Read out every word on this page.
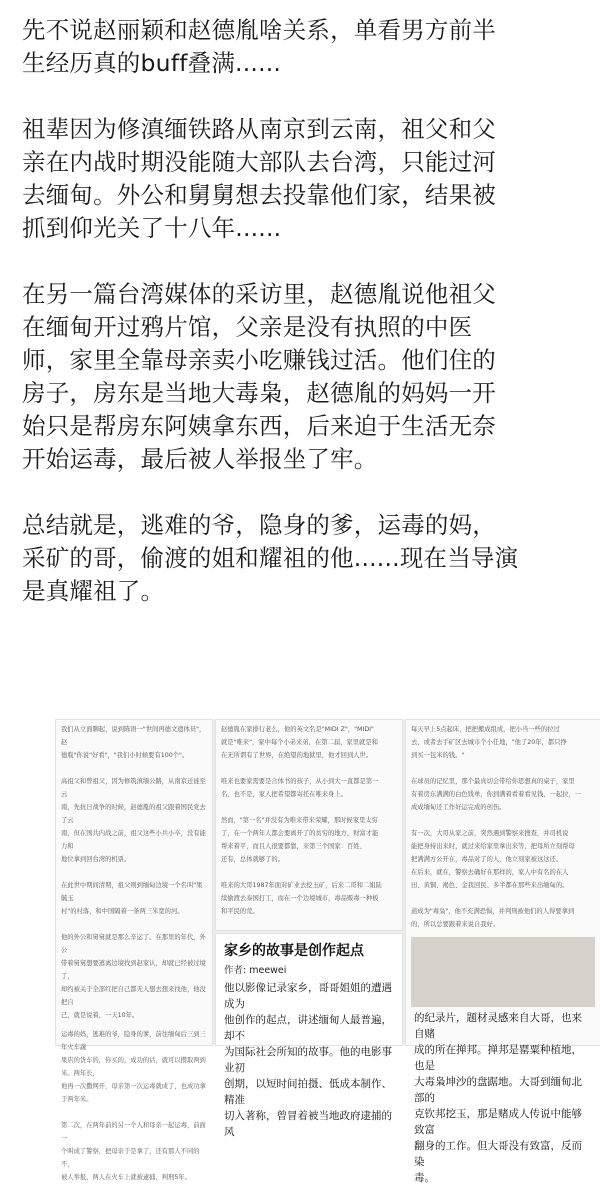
先不说赵丽颖和赵德胤啥关系，单看男方前半
生经历真的buff叠满......

祖辈因为修滇缅铁路从南京到云南，祖父和父
亲在内战时期没能随大部队去台湾，只能过河
去缅甸。外公和舅舅想去投靠他们家，结果被
抓到仰光关了十八年......

在另一篇台湾媒体的采访里，赵德胤说他祖父
在缅甸开过鸦片馆，父亲是没有执照的中医
师，家里全靠母亲卖小吃赚钱过活。他们住的
房子，房东是当地大毒枭，赵德胤的妈妈一开
始只是帮房东阿姨拿东西，后来迫于生活无奈
开始运毒，最后被人举报坐了牢。

总结就是，逃难的爷，隐身的爹，运毒的妈，
采矿的哥，偷渡的姐和耀祖的他......现在当导演
是真耀祖了。

我们从立面聊起，说到陈语一"世间再德文遗体员"，赵
德胤"你说"好看"，"我们小时候要有100个"。

高祖父和曾祖父，因为修筑滇缅公路，从南京迁徙至云
南，先抗日战争的时候，赵德胤的祖父跟着国民党去了云
南，但在国共内战之前，祖父这些小兵小卒，没有能力和
地位拿到回台湾的机票。

在此世中期间清期，祖父则到缅甸边境一个名叫"果毓玉
村"的村落，和中国隔着一条两三米宽的河。

他的外公和舅舅就是那么辛运了。在那里的年代，外公
带着舅舅想要逃离边境找到赵家认，却就已经被过境了，
却约被关于全部红把自己都无人想去想来找他，他没把自
己，就是说着，一天10年。
运毒的妈，逃难的爷，隐身的爹，前往缅甸后三到三年火车蔬
果店的货车的，你买的，成功的话，就可以攒取两到米。两年长，
他再一次撒网开，母亲第一次运毒就成了，也成功拿
于两年米。

第二次，在两年前的另一个人和母亲一起运毒，前面一
个叫成了警察，把母亲于是拿了，还有那人不同的不，
被人举报，两人在火车上就被逮捕，判刑5年。
赵德胤在家排行老么，他的英文名是"MIDI Z"，"MIDI"
就是"唯来"，家中每个小弟来弟，在第二届，家里就是和
在无所谓有了世界，在绝望的地狱里，他才回到人世。

唯来也要家需要是合体书的孩子，从小到大一直都是第一
名，也不是，家人把希望都寄托在唯来身上。

然而，"第一名"并没有为唯来带来荣耀，那时候家里太穷
了，在一个两年人都会要离开了的贫穷的地方，财富才能
帮来着平，而且人很要都靠，来第三个国家：百姓、
还有，总体就够了的。

唯来的大哥1987年面对矿业去挖玉矿，后来二哥和二姐陆
续偷渡去泰国打工，而在一个边境城市，毒品贩毒一种板
和平民的荒。
家乡的故事是创作起点
作者: meewei
他以影像记录家乡，哥哥姐姐的遭遇成为
他创作的起点，讲述缅甸人最普遍，却不
为国际社会所知的故事。他的电影事业初
创期，以短时间拍摄、低成本制作、精准
切入著称，曾冒着被当地政府逮捕的风
每天早上5点起床，把把搬成组成，把小当一些的拉过
去，或者去手矿区去城市个小任地，"他了20年，都只挣
到买一包米的钱。"

在球员的记忆里，那个最真切会带给你思想真的桌子，家里
有着房东满满的白色钱单，你到满着看着看见钱，一起拉，一
成成缅甸还工作好运完成的创伤。

有一次，大哥从家之前，突然遇到警察来搜查，并司机说
能把身持出来时，就过来给家里拿出来等，把母所立刻帮母
把满满方公开在，毒品对了的人，他立刻家被这这还。
在后来，就在，警察去确好在那样的，家人中有名的在人
田、黄铜、褐色、金我回民、多半都在那些来出缅甸的。

道成为"毒枭"，他不充满恐惧，并判刑被他们的人得要拿到
的，所以总要跟着来说自我好。
的纪录片，题材灵感来自大哥，也来自赌
成的所在掸邦。掸邦是罂粟种植地，也是
大毒枭坤沙的盘踞地。大哥到缅甸北部的
克钦邦挖玉，那是赌成人传说中能够致富
翻身的工作。但大哥没有致富，反而染
毒。
